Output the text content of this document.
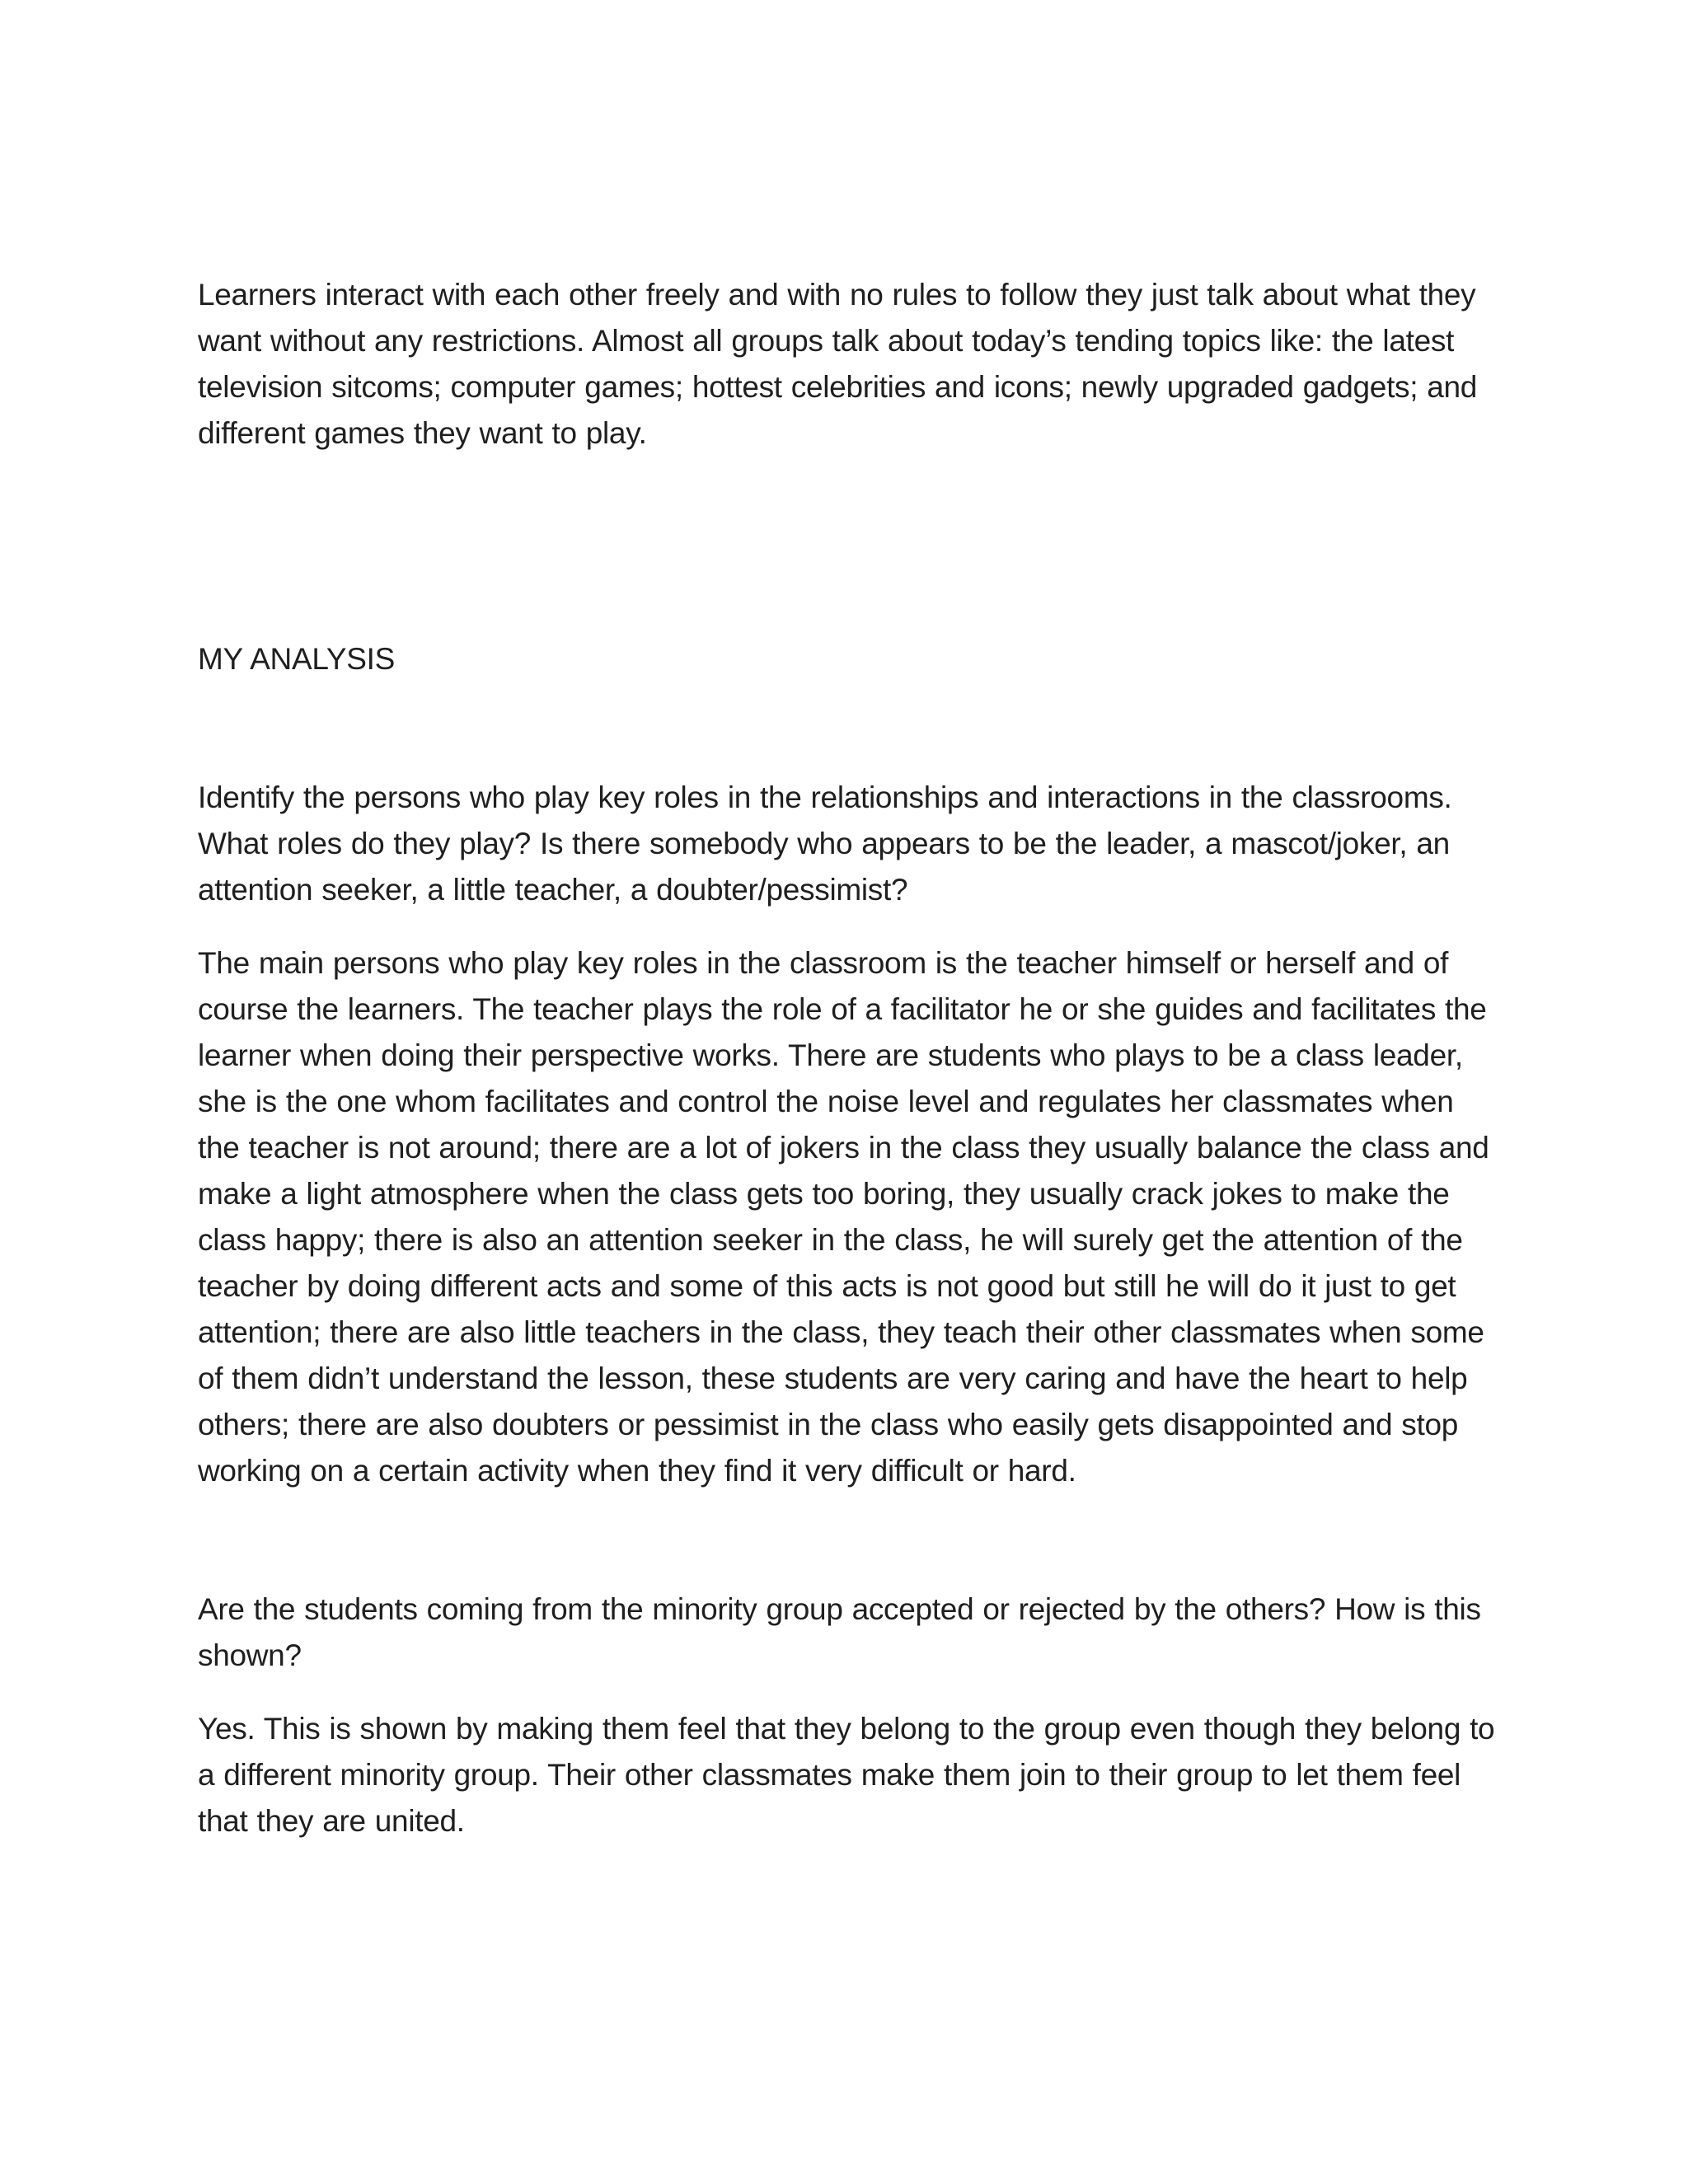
Learners interact with each other freely and with no rules to follow they just talk about what they want without any restrictions. Almost all groups talk about today’s tending topics like: the latest television sitcoms; computer games; hottest celebrities and icons; newly upgraded gadgets; and different games they want to play.

MY ANALYSIS

Identify the persons who play key roles in the relationships and interactions in the classrooms. What roles do they play? Is there somebody who appears to be the leader, a mascot/joker, an attention seeker, a little teacher, a doubter/pessimist?

The main persons who play key roles in the classroom is the teacher himself or herself and of course the learners. The teacher plays the role of a facilitator he or she guides and facilitates the learner when doing their perspective works. There are students who plays to be a class leader, she is the one whom facilitates and control the noise level and regulates her classmates when the teacher is not around; there are a lot of jokers in the class they usually balance the class and make a light atmosphere when the class gets too boring, they usually crack jokes to make the class happy; there is also an attention seeker in the class, he will surely get the attention of the teacher by doing different acts and some of this acts is not good but still he will do it just to get attention; there are also little teachers in the class, they teach their other classmates when some of them didn’t understand the lesson, these students are very caring and have the heart to help others; there are also doubters or pessimist in the class who easily gets disappointed and stop working on a certain activity when they find it very difficult or hard.

Are the students coming from the minority group accepted or rejected by the others? How is this shown?

Yes. This is shown by making them feel that they belong to the group even though they belong to a different minority group. Their other classmates make them join to their group to let them feel that they are united.
